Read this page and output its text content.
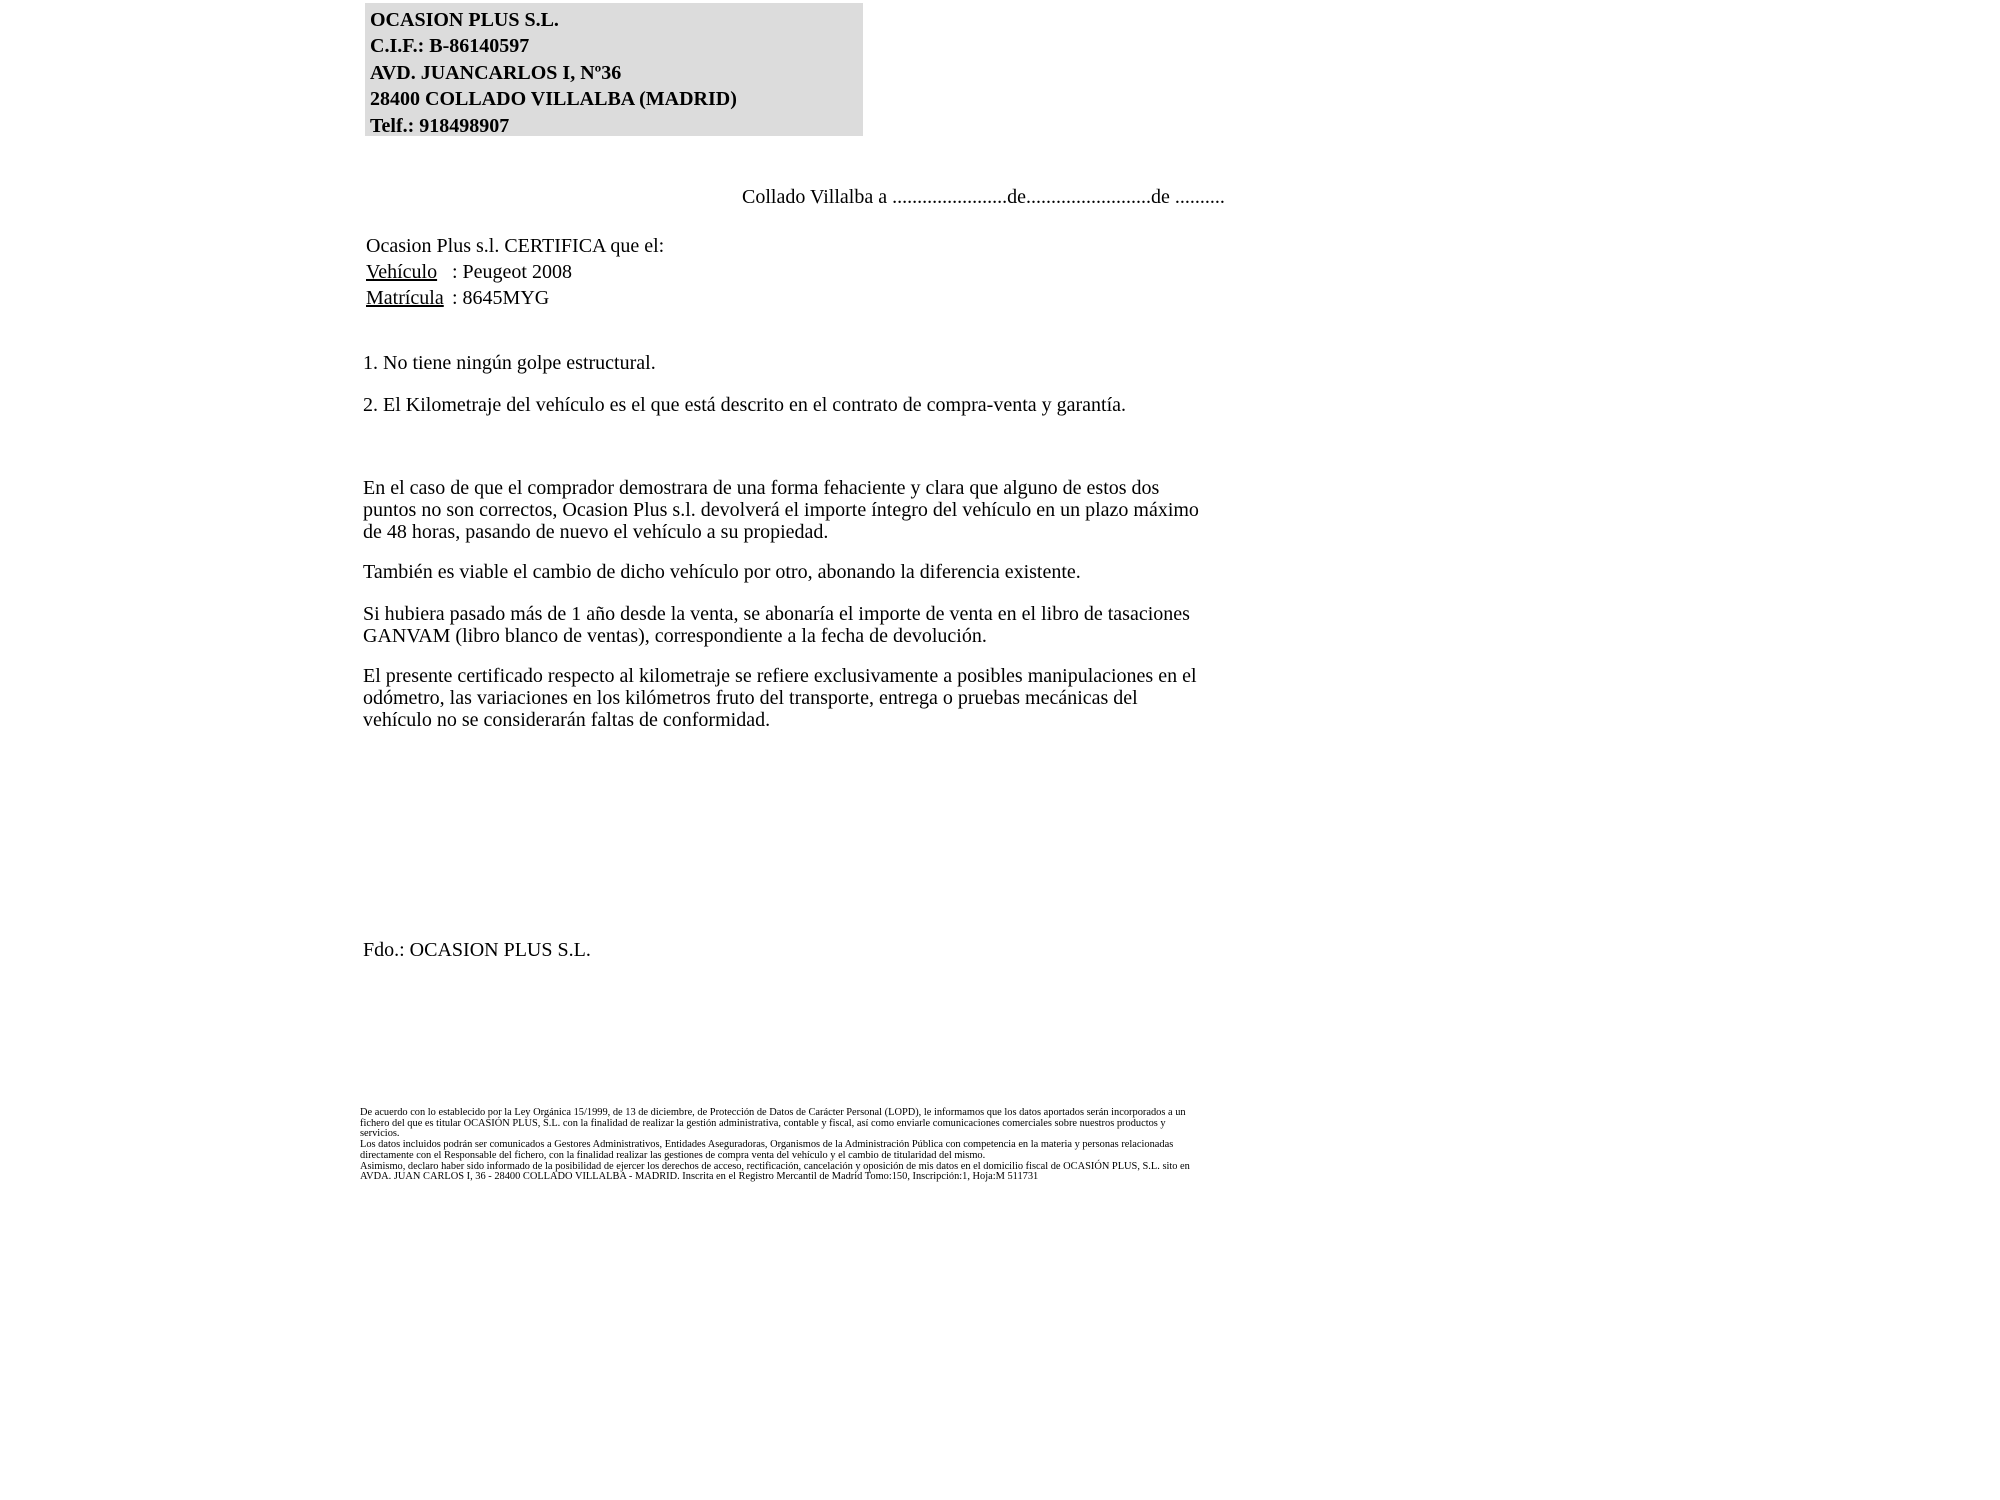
OCASION PLUS S.L.
C.I.F.: B-86140597
AVD. JUANCARLOS I, Nº36
28400 COLLADO VILLALBA (MADRID)
Telf.: 918498907
Collado Villalba a .......................de.........................de ..........
Ocasion Plus s.l. CERTIFICA que el:
Vehículo : Peugeot 2008
Matrícula : 8645MYG
1. No tiene ningún golpe estructural.
2. El Kilometraje del vehículo es el que está descrito en el contrato de compra-venta y garantía.
En el caso de que el comprador demostrara de una forma fehaciente y clara que alguno de estos dos puntos no son correctos, Ocasion Plus s.l. devolverá el importe íntegro del vehículo en un plazo máximo de 48 horas, pasando de nuevo el vehículo a su propiedad.
También es viable el cambio de dicho vehículo por otro, abonando la diferencia existente.
Si hubiera pasado más de 1 año desde la venta, se abonaría el importe de venta en el libro de tasaciones GANVAM (libro blanco de ventas), correspondiente a la fecha de devolución.
El presente certificado respecto al kilometraje se refiere exclusivamente a posibles manipulaciones en el odómetro, las variaciones en los kilómetros fruto del transporte, entrega o pruebas mecánicas del vehículo no se considerarán faltas de conformidad.
Fdo.: OCASION PLUS S.L.

De acuerdo con lo establecido por la Ley Orgánica 15/1999, de 13 de diciembre, de Protección de Datos de Carácter Personal (LOPD), le informamos que los datos aportados serán incorporados a un fichero del que es titular OCASIÓN PLUS, S.L. con la finalidad de realizar la gestión administrativa, contable y fiscal, así como enviarle comunicaciones comerciales sobre nuestros productos y servicios.

Los datos incluidos podrán ser comunicados a Gestores Administrativos, Entidades Aseguradoras, Organismos de la Administración Pública con competencia en la materia y personas relacionadas directamente con el Responsable del fichero, con la finalidad realizar las gestiones de compra venta del vehículo y el cambio de titularidad del mismo.

Asimismo, declaro haber sido informado de la posibilidad de ejercer los derechos de acceso, rectificación, cancelación y oposición de mis datos en el domicilio fiscal de OCASIÓN PLUS, S.L. sito en AVDA. JUAN CARLOS I, 36 - 28400 COLLADO VILLALBA - MADRID. Inscrita en el Registro Mercantil de Madrid Tomo:150, Inscripción:1, Hoja:M 511731
